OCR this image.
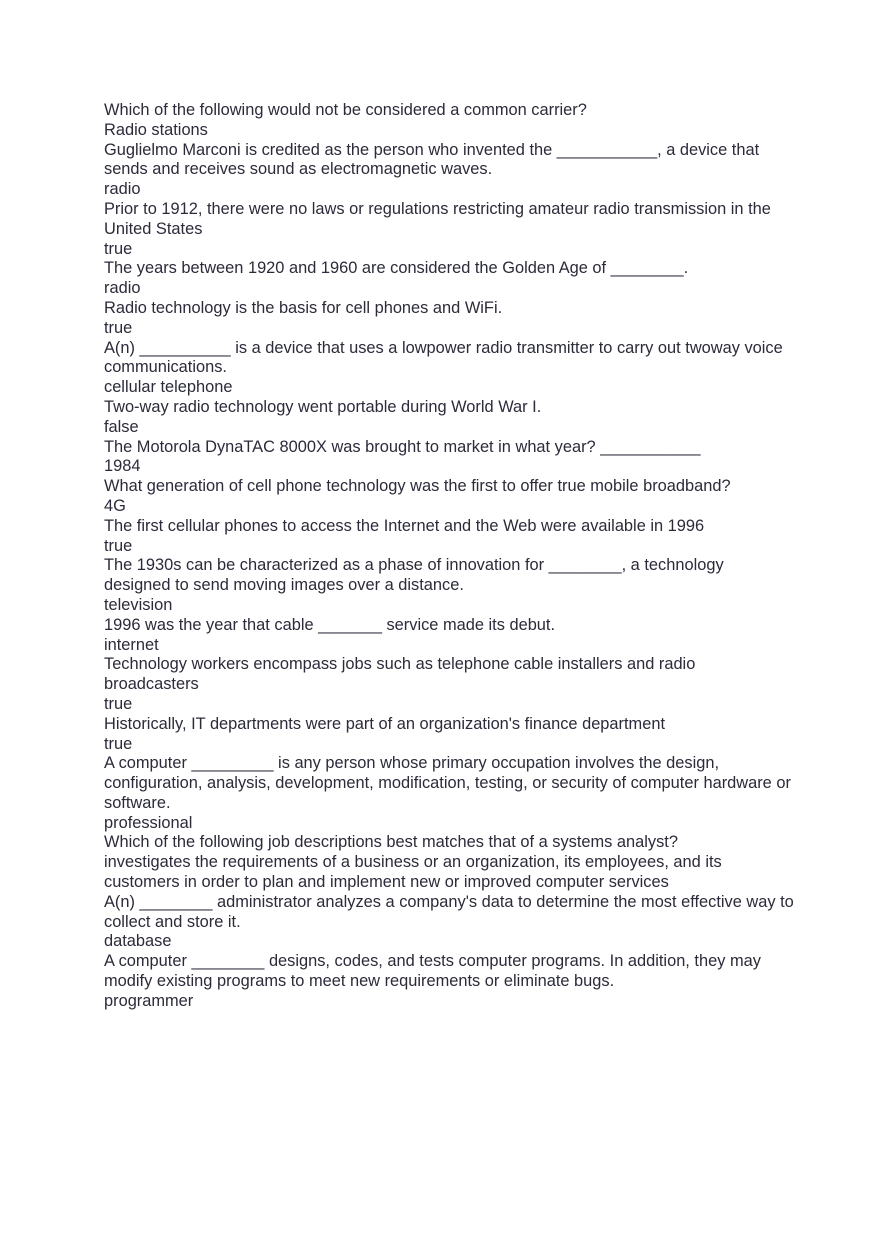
Which of the following would not be considered a common carrier?

Radio stations

Guglielmo Marconi is credited as the person who invented the ___________, a device that sends and receives sound as electromagnetic waves.

radio

Prior to 1912, there were no laws or regulations restricting amateur radio transmission in the United States

true

The years between 1920 and 1960 are considered the Golden Age of ________.

radio

Radio technology is the basis for cell phones and WiFi.

true

A(n) __________ is a device that uses a lowpower radio transmitter to carry out twoway voice communications.

cellular telephone

Two-way radio technology went portable during World War I.

false

The Motorola DynaTAC 8000X was brought to market in what year? ___________

1984

What generation of cell phone technology was the first to offer true mobile broadband?

4G

The first cellular phones to access the Internet and the Web were available in 1996

true

The 1930s can be characterized as a phase of innovation for ________, a technology designed to send moving images over a distance.

television

1996 was the year that cable _______ service made its debut.

internet

Technology workers encompass jobs such as telephone cable installers and radio broadcasters

true

Historically, IT departments were part of an organization's finance department

true

A computer _________ is any person whose primary occupation involves the design, configuration, analysis, development, modification, testing, or security of computer hardware or software.

professional

Which of the following job descriptions best matches that of a systems analyst?

investigates the requirements of a business or an organization, its employees, and its customers in order to plan and implement new or improved computer services

A(n) ________ administrator analyzes a company's data to determine the most effective way to collect and store it.

database

A computer ________ designs, codes, and tests computer programs. In addition, they may modify existing programs to meet new requirements or eliminate bugs.

programmer
